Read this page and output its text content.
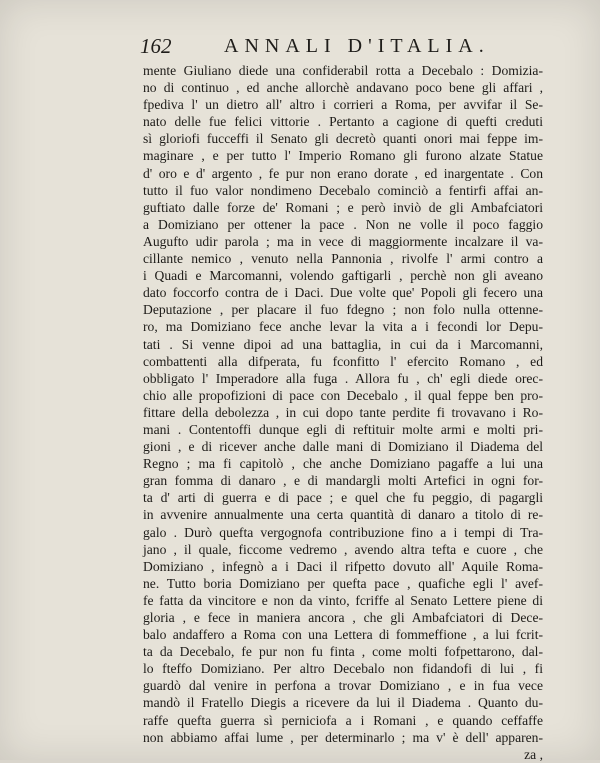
162	ANNALI D'ITALIA.
mente Giuliano diede una confiderabil rotta a Decebalo : Domizia-
no di continuo , ed anche allorchè andavano poco bene gli affari ,
fpediva l' un dietro all' altro i corrieri a Roma, per avvifar il Se-
nato delle fue felici vittorie . Pertanto a cagione di quefti creduti
sì gloriofi fucceffi il Senato gli decretò quanti onori mai feppe im-
maginare , e per tutto l' Imperio Romano gli furono alzate Statue
d' oro e d' argento , fe pur non erano dorate , ed inargentate . Con
tutto il fuo valor nondimeno Decebalo cominciò a fentirfi affai an-
guftiato dalle forze de' Romani ; e però inviò de gli Ambafciatori
a Domiziano per ottener la pace . Non ne volle il poco faggio
Augufto udir parola ; ma in vece di maggiormente incalzare il va-
cillante nemico , venuto nella Pannonia , rivolfe l' armi contro a
i Quadi e Marcomanni, volendo gaftigarli , perchè non gli aveano
dato foccorfo contra de i Daci. Due volte que' Popoli gli fecero una
Deputazione , per placare il fuo fdegno ; non folo nulla ottenne-
ro, ma Domiziano fece anche levar la vita a i fecondi lor Depu-
tati . Si venne dipoi ad una battaglia, in cui da i Marcomanni,
combattenti alla difperata, fu fconfitto l' efercito Romano , ed
obbligato l' Imperadore alla fuga . Allora fu , ch' egli diede orec-
chio alle propofizioni di pace con Decebalo , il qual feppe ben pro-
fittare della debolezza , in cui dopo tante perdite fi trovavano i Ro-
mani . Contentoffi dunque egli di reftituir molte armi e molti pri-
gioni , e di ricever anche dalle mani di Domiziano il Diadema del
Regno ; ma fi capitolò , che anche Domiziano pagaffe a lui una
gran fomma di danaro , e di mandargli molti Artefici in ogni for-
ta d' arti di guerra e di pace ; e quel che fu peggio, di pagargli
in avvenire annualmente una certa quantità di danaro a titolo di re-
galo . Durò quefta vergognofa contribuzione fino a i tempi di Tra-
jano , il quale, ficcome vedremo , avendo altra tefta e cuore , che
Domiziano , infegnò a i Daci il rifpetto dovuto all' Aquile Roma-
ne. Tutto boria Domiziano per quefta pace , quafiche egli l' avef-
fe fatta da vincitore e non da vinto, fcriffe al Senato Lettere piene di
gloria , e fece in maniera ancora , che gli Ambafciatori di Dece-
balo andaffero a Roma con una Lettera di fommeffione , a lui fcrit-
ta da Decebalo, fe pur non fu finta , come molti fofpettarono, dal-
lo fteffo Domiziano. Per altro Decebalo non fidandofi di lui , fi
guardò dal venire in perfona a trovar Domiziano , e in fua vece
mandò il Fratello Diegis a ricevere da lui il Diadema . Quanto du-
raffe quefta guerra sì perniciofa a i Romani , e quando ceffaffe
non abbiamo affai lume , per determinarlo ; ma v' è dell' apparen-
za ,
